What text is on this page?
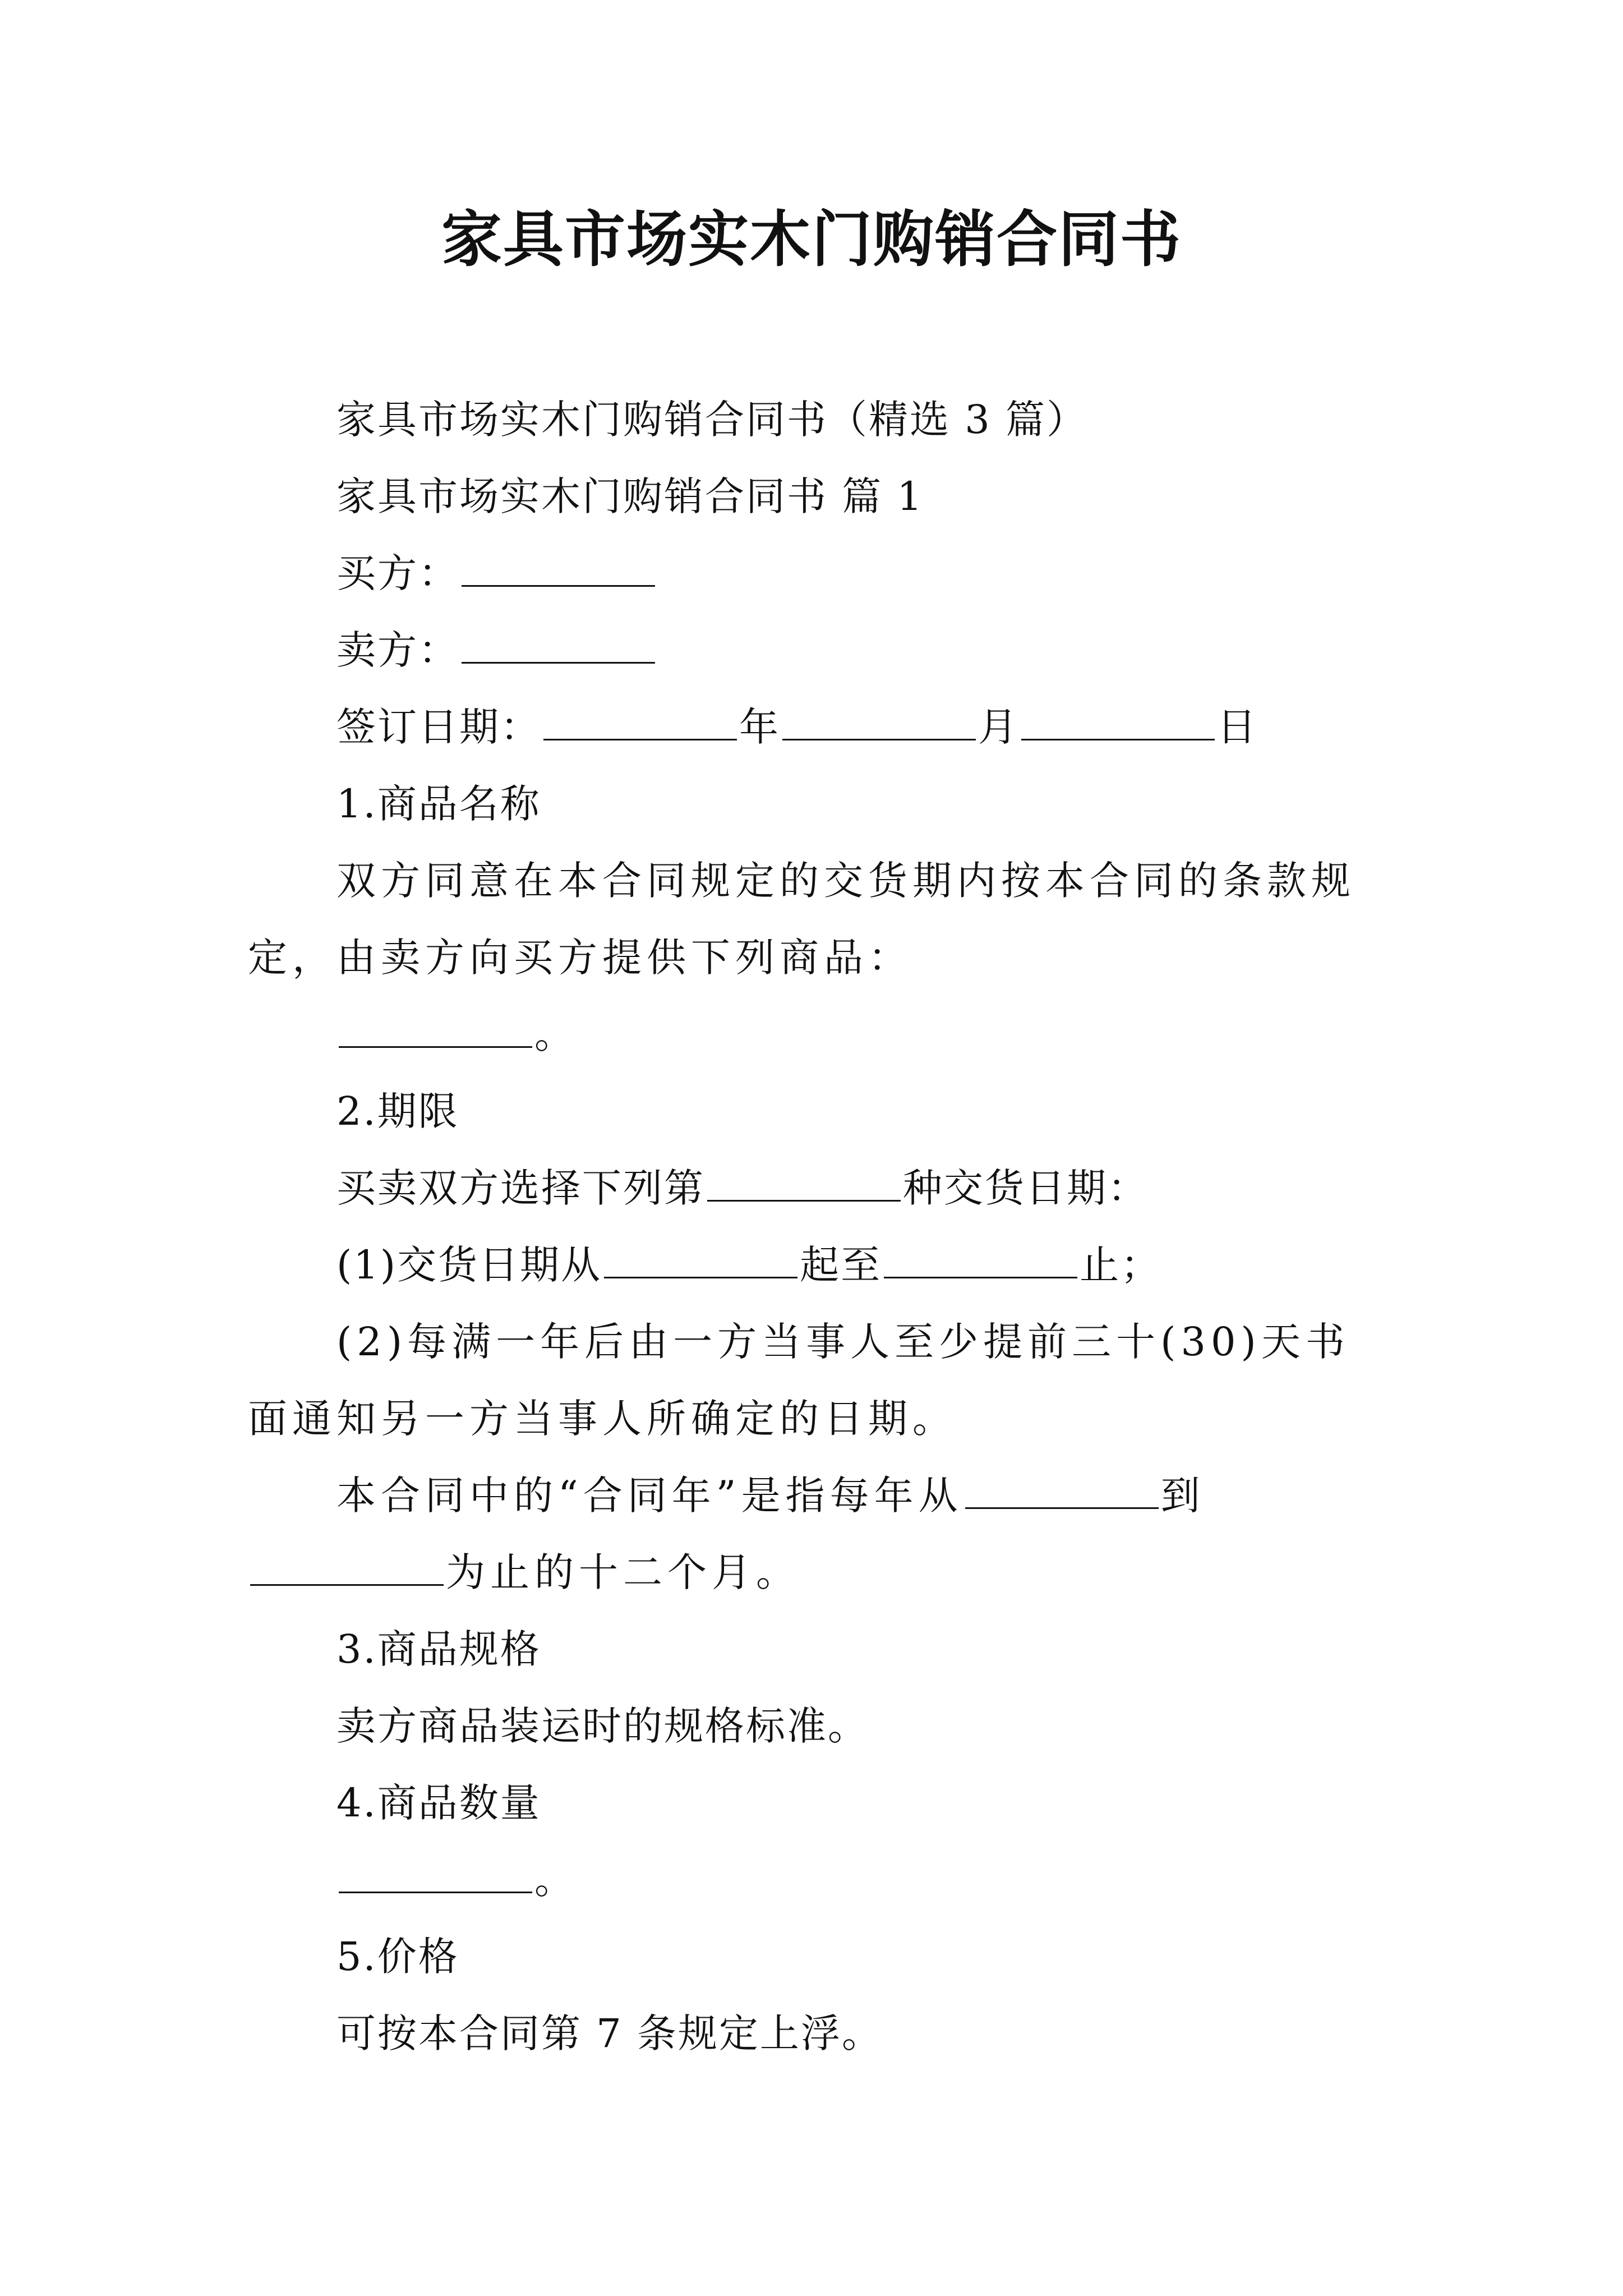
家具市场实木门购销合同书

家具市场实木门购销合同书（精选 3 篇）

家具市场实木门购销合同书 篇 1

买方：

卖方：

签订日期：	年	月	日

1.商品名称

双方同意在本合同规定的交货期内按本合同的条款规定，由卖方向买方提供下列商品：

。

2.期限

买卖双方选择下列第	种交货日期：

(1)交货日期从	起至	止；

(2)每满一年后由一方当事人至少提前三十(30)天书面通知另一方当事人所确定的日期。

本合同中的“合同年”是指每年从	到为止的十二个月。

3.商品规格

卖方商品装运时的规格标准。

4.商品数量

。

5.价格

可按本合同第 7 条规定上浮。
